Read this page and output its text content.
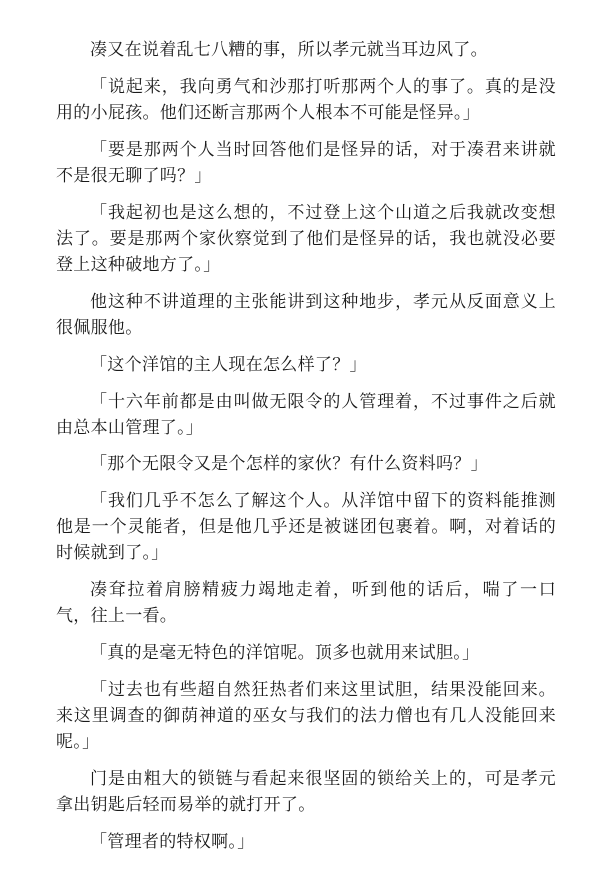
凑又在说着乱七八糟的事，所以孝元就当耳边风了。

「说起来，我向勇气和沙那打听那两个人的事了。真的是没用的小屁孩。他们还断言那两个人根本不可能是怪异。」

「要是那两个人当时回答他们是怪异的话，对于凑君来讲就不是很无聊了吗？」

「我起初也是这么想的，不过登上这个山道之后我就改变想法了。要是那两个家伙察觉到了他们是怪异的话，我也就没必要登上这种破地方了。」

他这种不讲道理的主张能讲到这种地步，孝元从反面意义上很佩服他。

「这个洋馆的主人现在怎么样了？」

「十六年前都是由叫做无限令的人管理着，不过事件之后就由总本山管理了。」

「那个无限令又是个怎样的家伙？有什么资料吗？」

「我们几乎不怎么了解这个人。从洋馆中留下的资料能推测他是一个灵能者，但是他几乎还是被谜团包裹着。啊，对着话的时候就到了。」

凑耷拉着肩膀精疲力竭地走着，听到他的话后，喘了一口气，往上一看。

「真的是毫无特色的洋馆呢。顶多也就用来试胆。」

「过去也有些超自然狂热者们来这里试胆，结果没能回来。来这里调查的御荫神道的巫女与我们的法力僧也有几人没能回来呢。」

门是由粗大的锁链与看起来很坚固的锁给关上的，可是孝元拿出钥匙后轻而易举的就打开了。

「管理者的特权啊。」
